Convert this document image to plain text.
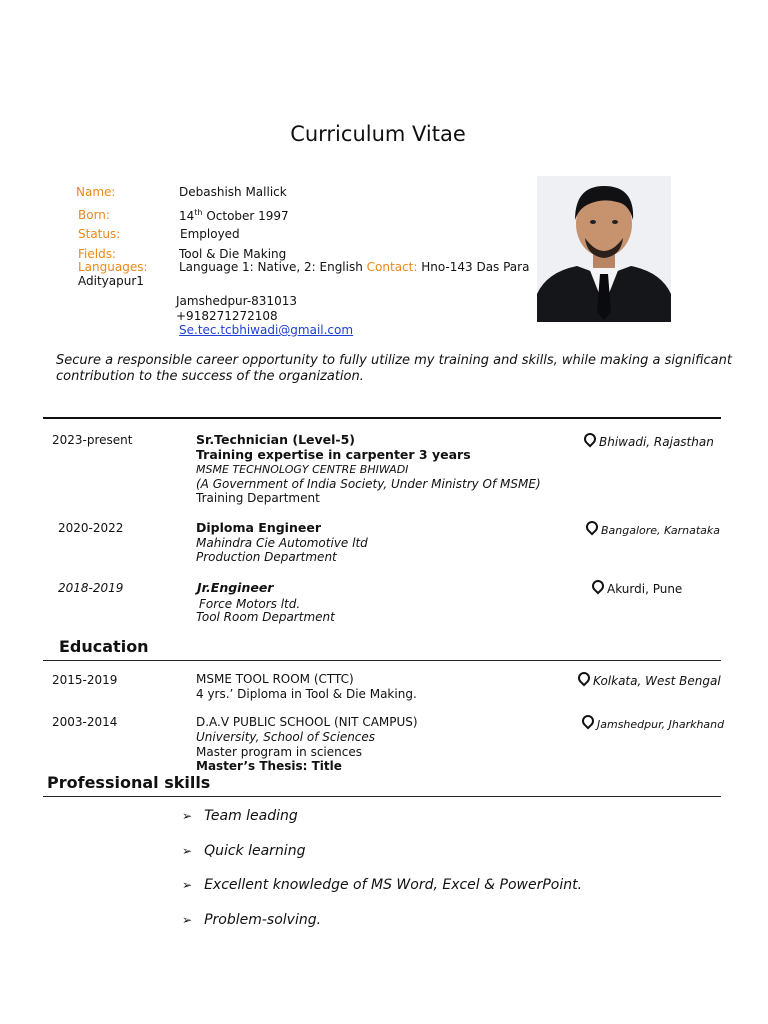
Curriculum Vitae
Name:	Debashish Mallick
Born:	14th October 1997
Status:	Employed
Fields:	Tool & Die Making
Languages:	Language 1: Native, 2: English Contact: Hno-143 Das Para
Adityapur1
Jamshedpur-831013
+918271272108
Se.tec.tcbhiwadi@gmail.com
Secure a responsible career opportunity to fully utilize my training and skills, while making a significant contribution to the success of the organization.
2023-present	Sr.Technician (Level-5)
Training expertise in carpenter 3 years
MSME TECHNOLOGY CENTRE BHIWADI
(A Government of India Society, Under Ministry Of MSME)
Training Department
Bhiwadi, Rajasthan
2020-2022	Diploma Engineer
Mahindra Cie Automotive ltd
Production Department
Bangalore, Karnataka
2018-2019	Jr.Engineer
Force Motors ltd.
Tool Room Department
Akurdi, Pune
Education
2015-2019	MSME TOOL ROOM (CTTC)
4 yrs.’ Diploma in Tool & Die Making.
Kolkata, West Bengal
2003-2014	D.A.V PUBLIC SCHOOL (NIT CAMPUS)
University, School of Sciences
Master program in sciences
Master’s Thesis: Title
Jamshedpur, Jharkhand
Professional skills
➢ Team leading
➢ Quick learning
➢ Excellent knowledge of MS Word, Excel & PowerPoint.
➢ Problem-solving.
